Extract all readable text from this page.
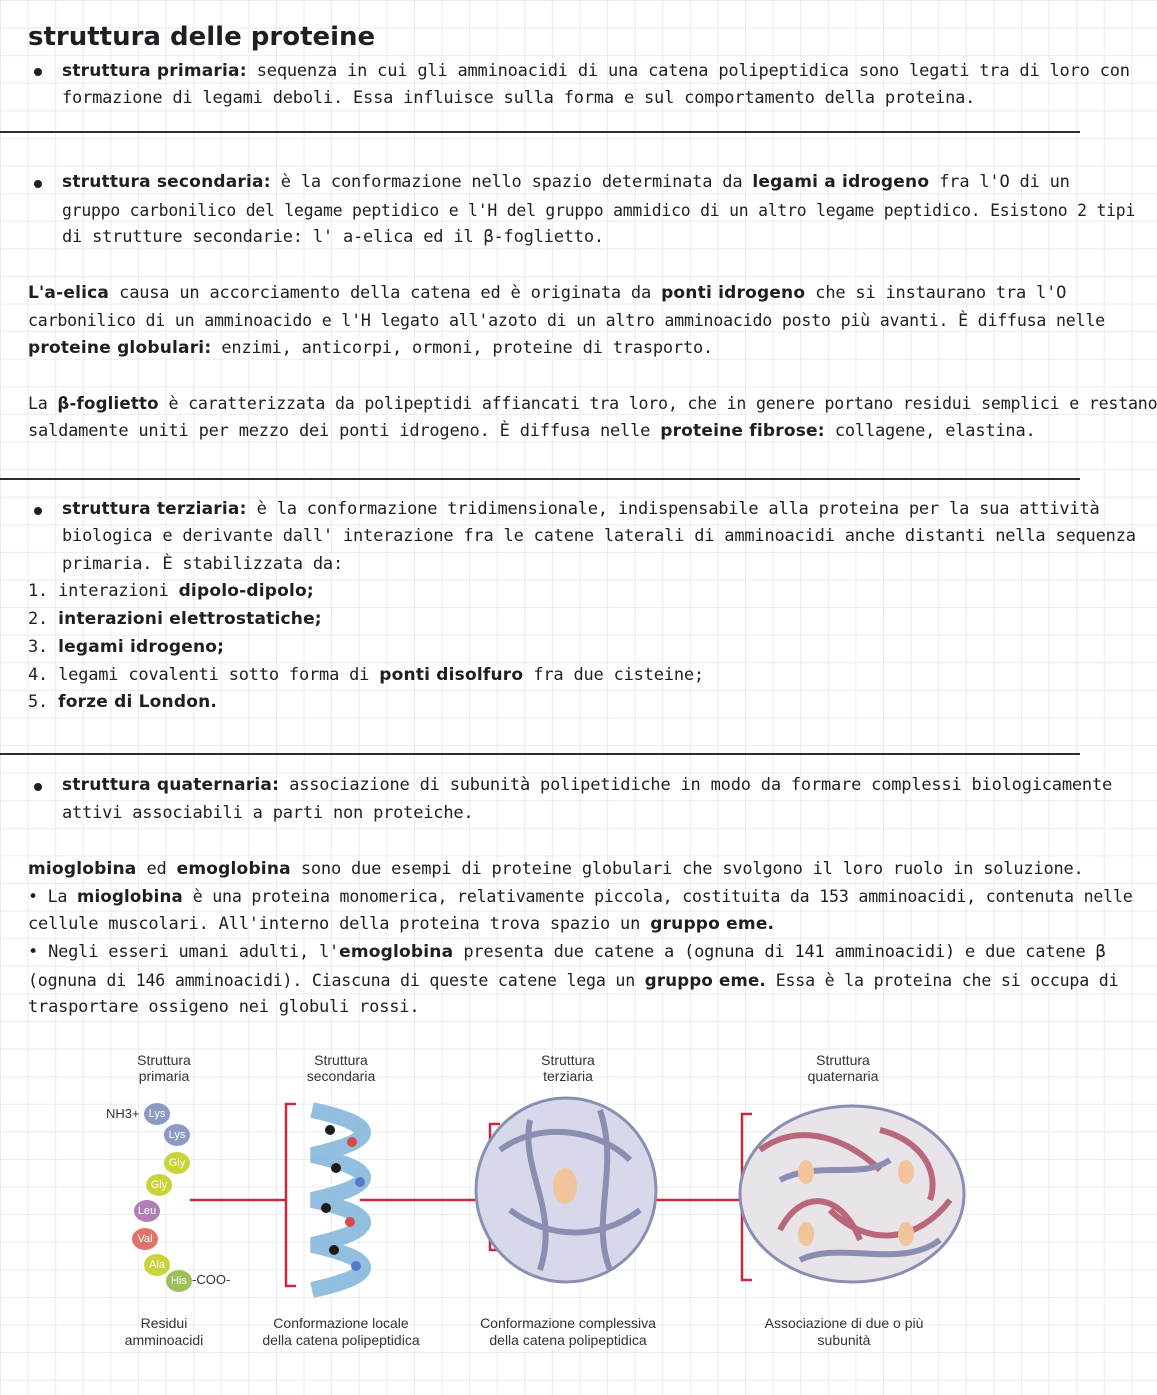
struttura delle proteine
struttura primaria: sequenza in cui gli amminoacidi di una catena polipeptidica sono legati tra di loro con
formazione di legami deboli. Essa influisce sulla forma e sul comportamento della proteina.
struttura secondaria: è la conformazione nello spazio determinata da legami a idrogeno fra l'O di un
gruppo carbonilico del legame peptidico e l'H del gruppo ammidico di un altro legame peptidico. Esistono 2 tipi
di strutture secondarie: l' a-elica ed il β-foglietto.
L'a-elica causa un accorciamento della catena ed è originata da ponti idrogeno che si instaurano tra l'O
carbonilico di un amminoacido e l'H legato all'azoto di un altro amminoacido posto più avanti. È diffusa nelle
proteine globulari: enzimi, anticorpi, ormoni, proteine di trasporto.
La β-foglietto è caratterizzata da polipeptidi affiancati tra loro, che in genere portano residui semplici e restano
saldamente uniti per mezzo dei ponti idrogeno. È diffusa nelle proteine fibrose: collagene, elastina.
struttura terziaria: è la conformazione tridimensionale, indispensabile alla proteina per la sua attività
biologica e derivante dall' interazione fra le catene laterali di amminoacidi anche distanti nella sequenza
primaria. È stabilizzata da:
1. interazioni dipolo-dipolo;
2. interazioni elettrostatiche;
3. legami idrogeno;
4. legami covalenti sotto forma di ponti disolfuro fra due cisteine;
5. forze di London.
struttura quaternaria: associazione di subunità polipetidiche in modo da formare complessi biologicamente
attivi associabili a parti non proteiche.
mioglobina ed emoglobina sono due esempi di proteine globulari che svolgono il loro ruolo in soluzione.
• La mioglobina è una proteina monomerica, relativamente piccola, costituita da 153 amminoacidi, contenuta nelle
cellule muscolari. All'interno della proteina trova spazio un gruppo eme.
• Negli esseri umani adulti, l'emoglobina presenta due catene a (ognuna di 141 amminoacidi) e due catene β
(ognuna di 146 amminoacidi). Ciascuna di queste catene lega un gruppo eme. Essa è la proteina che si occupa di
trasportare ossigeno nei globuli rossi.
Struttura
primaria
Struttura
secondaria
Struttura
terziaria
Struttura
quaternaria
NH3+ Lys
Lys
Gly
Gly
Leu
Val
Ala
His -COO-
Residui
amminoacidi
Conformazione locale
della catena polipeptidica
Conformazione complessiva
della catena polipeptidica
Associazione di due o più
subunità
